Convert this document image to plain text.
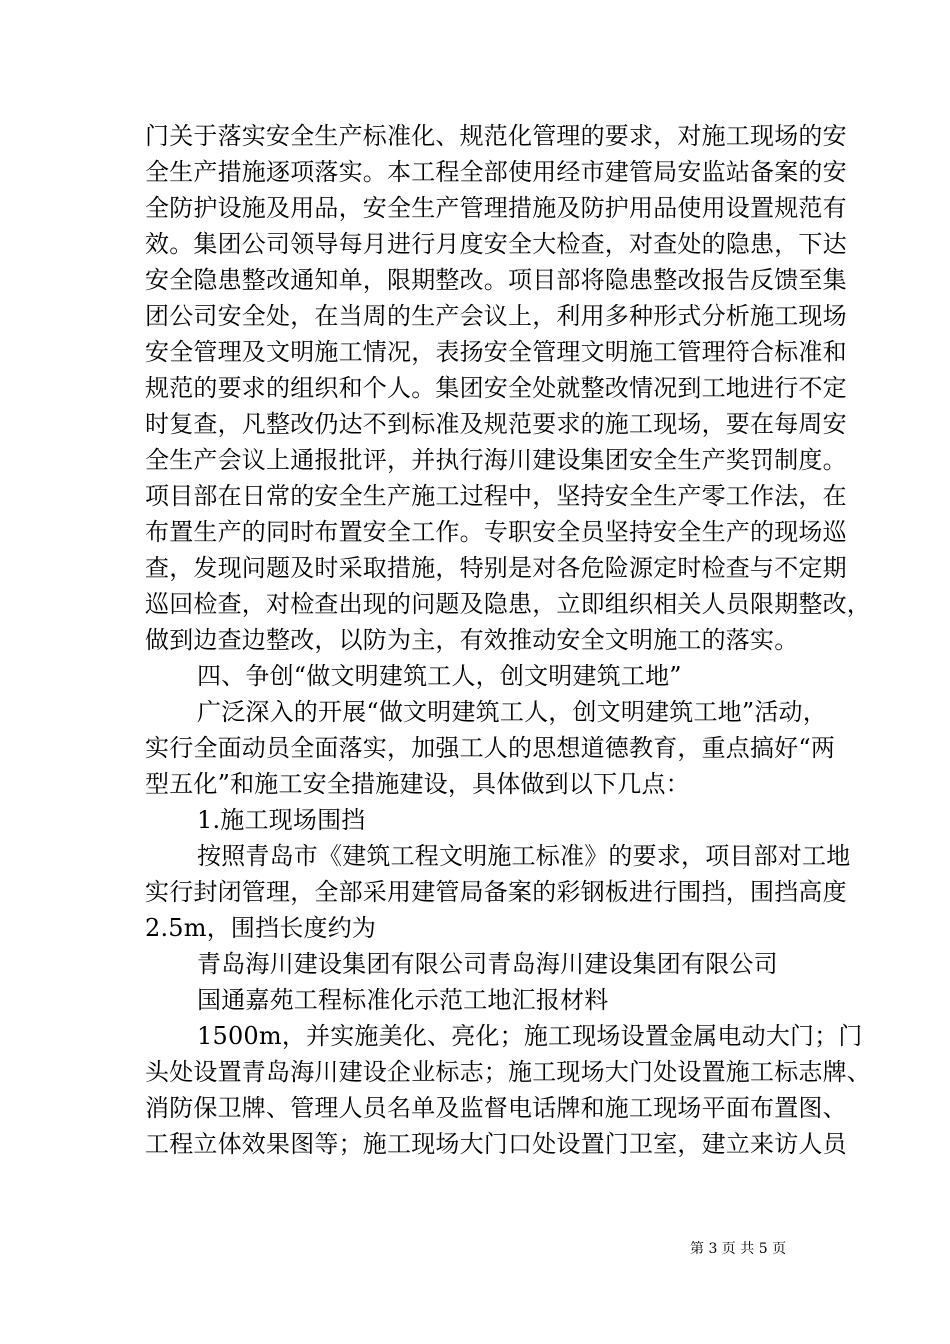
门关于落实安全生产标准化、规范化管理的要求，对施工现场的安
全生产措施逐项落实。本工程全部使用经市建管局安监站备案的安
全防护设施及用品，安全生产管理措施及防护用品使用设置规范有
效。集团公司领导每月进行月度安全大检查，对查处的隐患，下达
安全隐患整改通知单，限期整改。项目部将隐患整改报告反馈至集
团公司安全处，在当周的生产会议上，利用多种形式分析施工现场
安全管理及文明施工情况，表扬安全管理文明施工管理符合标准和
规范的要求的组织和个人。集团安全处就整改情况到工地进行不定
时复查，凡整改仍达不到标准及规范要求的施工现场，要在每周安
全生产会议上通报批评，并执行海川建设集团安全生产奖罚制度。
项目部在日常的安全生产施工过程中，坚持安全生产零工作法，在
布置生产的同时布置安全工作。专职安全员坚持安全生产的现场巡
查，发现问题及时采取措施，特别是对各危险源定时检查与不定期
巡回检查，对检查出现的问题及隐患，立即组织相关人员限期整改，
做到边查边整改，以防为主，有效推动安全文明施工的落实。
四、争创“做文明建筑工人，创文明建筑工地”
广泛深入的开展“做文明建筑工人，创文明建筑工地”活动，
实行全面动员全面落实，加强工人的思想道德教育，重点搞好“两
型五化”和施工安全措施建设，具体做到以下几点：
1.施工现场围挡
按照青岛市《建筑工程文明施工标准》的要求，项目部对工地
实行封闭管理，全部采用建管局备案的彩钢板进行围挡，围挡高度
2.5m，围挡长度约为
青岛海川建设集团有限公司青岛海川建设集团有限公司
国通嘉苑工程标准化示范工地汇报材料
1500m，并实施美化、亮化；施工现场设置金属电动大门；门
头处设置青岛海川建设企业标志；施工现场大门处设置施工标志牌、
消防保卫牌、管理人员名单及监督电话牌和施工现场平面布置图、
工程立体效果图等；施工现场大门口处设置门卫室，建立来访人员
第 3 页 共 5 页
